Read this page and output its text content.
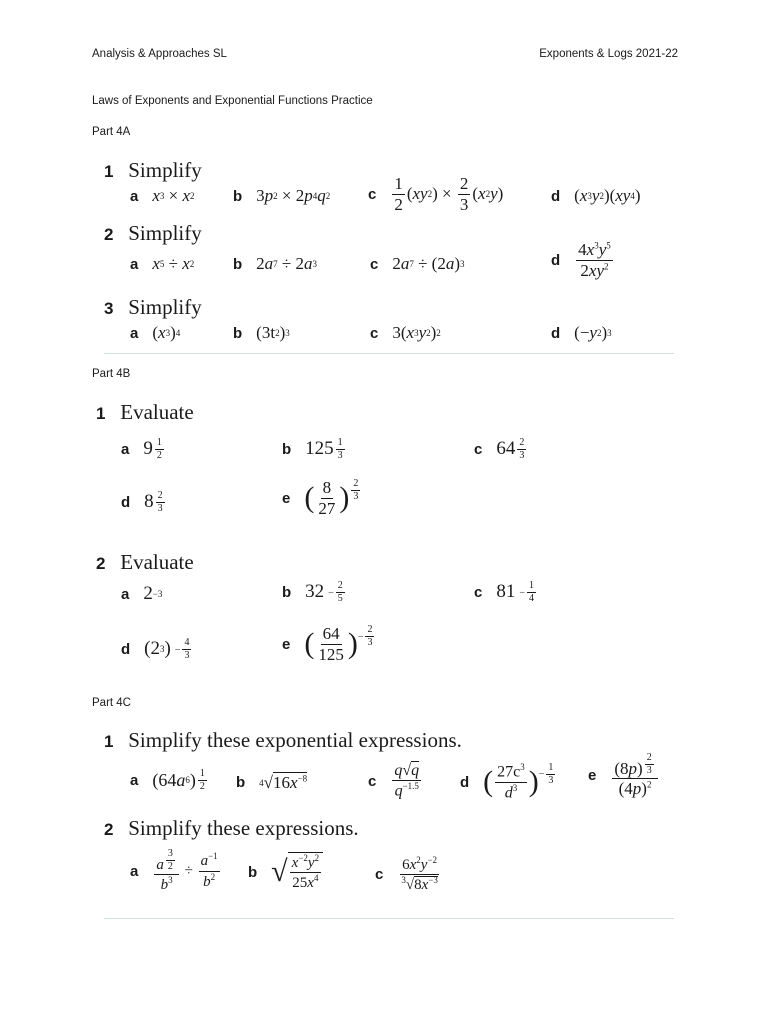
Analysis & Approaches SL	Exponents & Logs 2021-22
Laws of Exponents and Exponential Functions Practice
Part 4A
1 Simplify
a x 3 × x 2	b 3 p 2 × 2 p 4 q 2	c $\frac{1}{2}$ ( xy 2 ) × $\frac{2}{3}$ ( x 2 y )	d ( x 3 y 2 )( xy 4 )
2 Simplify
a x 5 ÷ x 2	b 2 a 7 ÷ 2 a 3	c 2 a 7 ÷ (2 a ) 3	d $\frac{4x^3y^5}{2xy^2}$
3 Simplify
a ( x 3 ) 4	b (3t 2 ) 3	c 3( x 3 y 2 ) 2	d (− y 2 ) 3
Part 4B
1 Evaluate
a $9 \frac{1}{2}$	b $125 \frac{1}{3}$	c $64 \frac{2}{3}$
d $8 \frac{2}{3}$	e ( $\frac{8}{27}$ ) $^{\frac{2}{3}}$
2 Evaluate
a 2 −3	b $32 - \frac{2}{5}$	c $81 - \frac{1}{4}$
d (2 3 ) − $\frac{4}{3}$	e ( $\frac{64}{125}$ ) $^{- \frac{2}{3}}$
Part 4C
1 Simplify these exponential expressions.
a (64 a 6 ) $\frac{1}{2}$ b 4 √ $16x^{-8}$	c $\frac{q√q}{q^{-1.5}}$	d ( $\frac{27c^3}{d^3}$ ) $^{- \frac{1}{3}}$ e (8p) $^{\frac{2}{3}}$
$(4p)^2$
2 Simplify these expressions.
a a $^{\frac{3}{2}}$
$b^3 \div \frac{a^{-1}}{b^2}$ b √ $\frac{x^{-2}y^2}{25x^4}$	c $\frac{6x^2y^{-2}}{^3√8x^{-3}}$
